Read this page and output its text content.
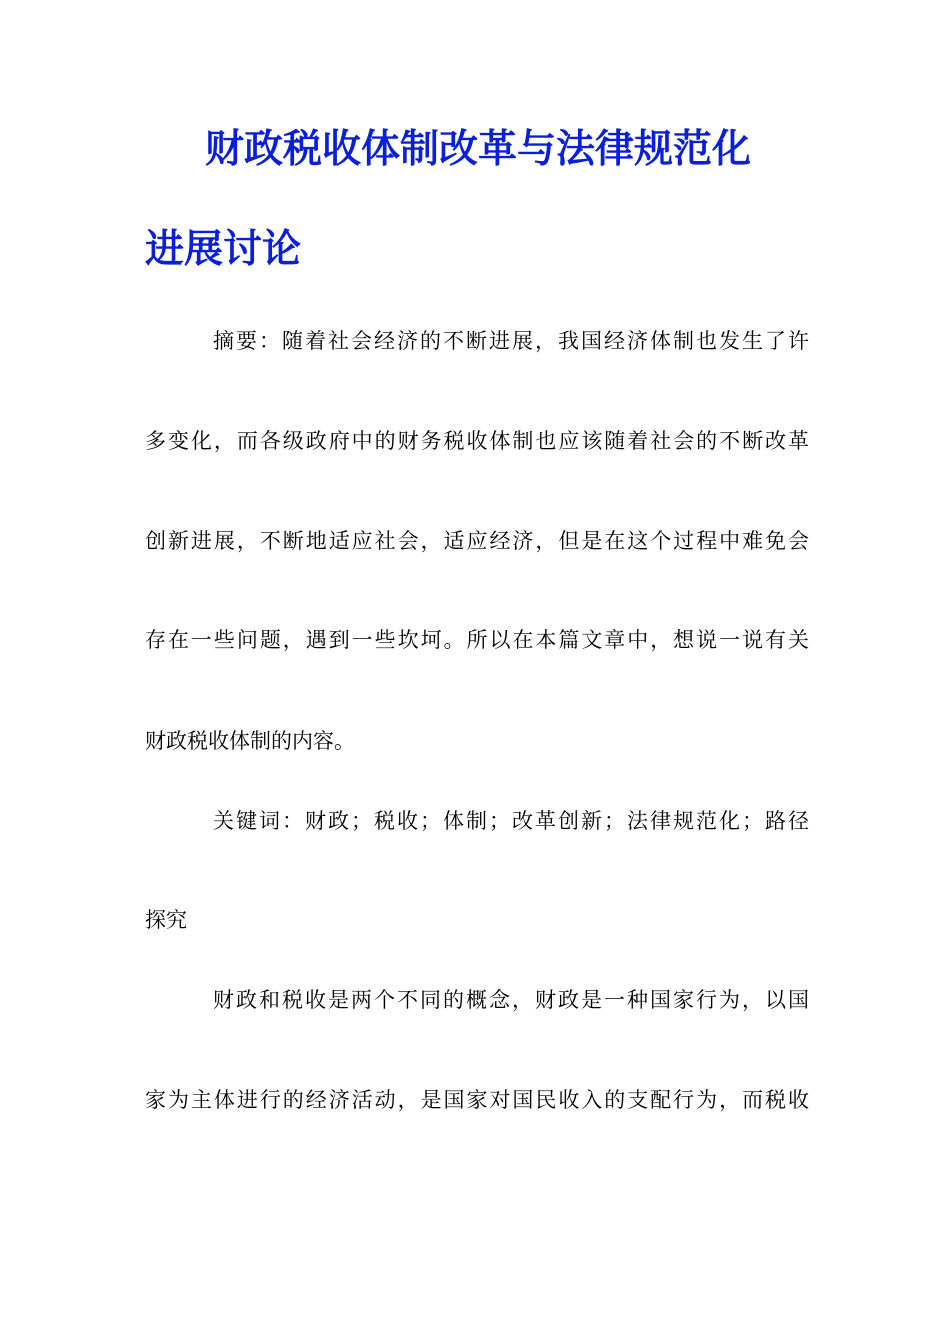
财政税收体制改革与法律规范化
进展讨论
摘要：随着社会经济的不断进展，我国经济体制也发生了许
多变化，而各级政府中的财务税收体制也应该随着社会的不断改革
创新进展，不断地适应社会，适应经济，但是在这个过程中难免会
存在一些问题，遇到一些坎坷。所以在本篇文章中，想说一说有关
财政税收体制的内容。
关键词：财政；税收；体制；改革创新；法律规范化；路径
探究
财政和税收是两个不同的概念，财政是一种国家行为，以国
家为主体进行的经济活动，是国家对国民收入的支配行为，而税收
